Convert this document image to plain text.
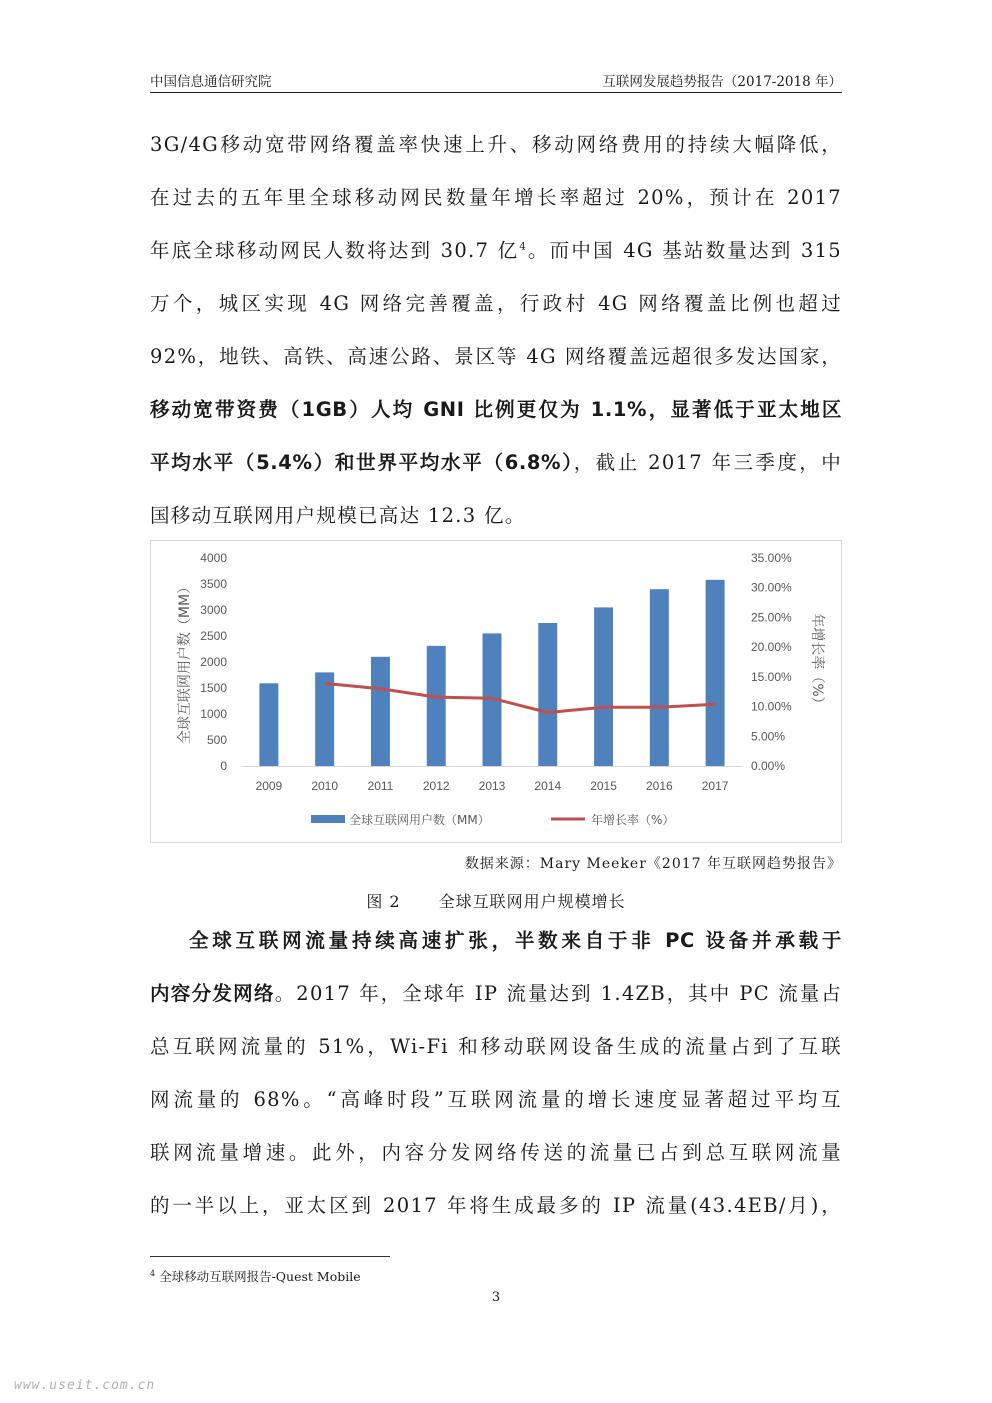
中国信息通信研究院	互联网发展趋势报告（2017-2018 年）
3G/4G移动宽带网络覆盖率快速上升、移动网络费用的持续大幅降低，
在过去的五年里全球移动网民数量年增长率超过 20%，预计在 2017
年底全球移动网民人数将达到 30.7 亿$^4$。而中国 4G 基站数量达到 315
万个，城区实现 4G 网络完善覆盖，行政村 4G 网络覆盖比例也超过
92%，地铁、高铁、高速公路、景区等 4G 网络覆盖远超很多发达国家，
移动宽带资费（1GB）人均 GNI 比例更仅为 1.1%，显著低于亚太地区
平均水平（5.4%）和世界平均水平（6.8%），截止 2017 年三季度，中
国移动互联网用户规模已高达 12.3 亿。
0
500
1000
1500
2000
2500
3000
3500
4000
0.00%
5.00%
10.00%
15.00%
20.00%
25.00%
30.00%
35.00%
全球互联网用户数（MM）	年增长率（%）
2009 2010 2011 2012 2013 2014 2015 2016 2017
全球互联网用户数（MM）	年增长率（%）
数据来源：Mary Meeker《2017 年互联网趋势报告》
图 2 全球互联网用户规模增长
全球互联网流量持续高速扩张，半数来自于非 PC 设备并承载于
内容分发网络。2017 年，全球年 IP 流量达到 1.4ZB，其中 PC 流量占
总互联网流量的 51%，Wi-Fi 和移动联网设备生成的流量占到了互联
网流量的 68%。“高峰时段”互联网流量的增长速度显著超过平均互
联网流量增速。此外，内容分发网络传送的流量已占到总互联网流量
的一半以上，亚太区到 2017 年将生成最多的 IP 流量(43.4EB/月)，
$^4$ 全球移动互联网报告-Quest Mobile
3
www.useit.com.cn
